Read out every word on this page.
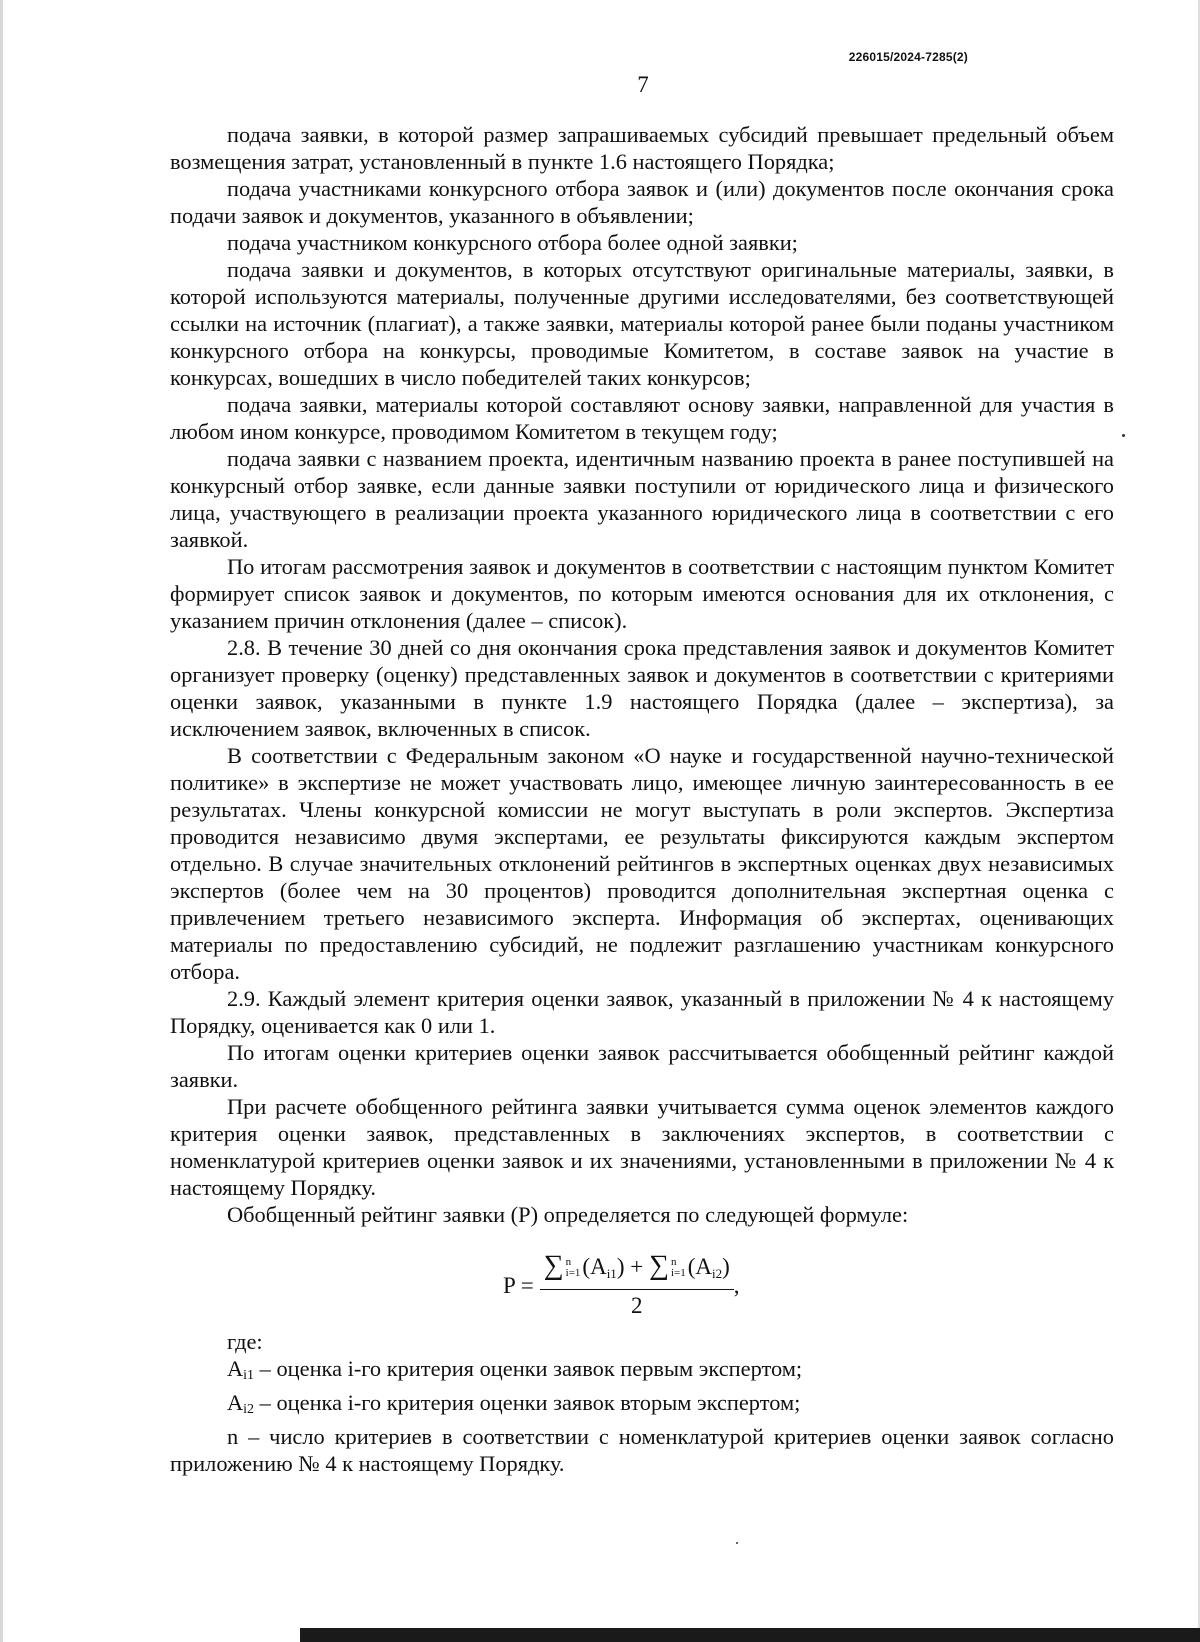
226015/2024-7285(2)
7

подача заявки, в которой размер запрашиваемых субсидий превышает предельный объем возмещения затрат, установленный в пункте 1.6 настоящего Порядка;

подача участниками конкурсного отбора заявок и (или) документов после окончания срока подачи заявок и документов, указанного в объявлении;

подача участником конкурсного отбора более одной заявки;

подача заявки и документов, в которых отсутствуют оригинальные материалы, заявки, в которой используются материалы, полученные другими исследователями, без соответствующей ссылки на источник (плагиат), а также заявки, материалы которой ранее были поданы участником конкурсного отбора на конкурсы, проводимые Комитетом, в составе заявок на участие в конкурсах, вошедших в число победителей таких конкурсов;

подача заявки, материалы которой составляют основу заявки, направленной для участия в любом ином конкурсе, проводимом Комитетом в текущем году;

подача заявки с названием проекта, идентичным названию проекта в ранее поступившей на конкурсный отбор заявке, если данные заявки поступили от юридического лица и физического лица, участвующего в реализации проекта указанного юридического лица в соответствии с его заявкой.

По итогам рассмотрения заявок и документов в соответствии с настоящим пунктом Комитет формирует список заявок и документов, по которым имеются основания для их отклонения, с указанием причин отклонения (далее – список).

2.8. В течение 30 дней со дня окончания срока представления заявок и документов Комитет организует проверку (оценку) представленных заявок и документов в соответствии с критериями оценки заявок, указанными в пункте 1.9 настоящего Порядка (далее – экспертиза), за исключением заявок, включенных в список.

В соответствии с Федеральным законом «О науке и государственной научно-технической политике» в экспертизе не может участвовать лицо, имеющее личную заинтересованность в ее результатах. Члены конкурсной комиссии не могут выступать в роли экспертов. Экспертиза проводится независимо двумя экспертами, ее результаты фиксируются каждым экспертом отдельно. В случае значительных отклонений рейтингов в экспертных оценках двух независимых экспертов (более чем на 30 процентов) проводится дополнительная экспертная оценка с привлечением третьего независимого эксперта. Информация об экспертах, оценивающих материалы по предоставлению субсидий, не подлежит разглашению участникам конкурсного отбора.

2.9. Каждый элемент критерия оценки заявок, указанный в приложении № 4 к настоящему Порядку, оценивается как 0 или 1.

По итогам оценки критериев оценки заявок рассчитывается обобщенный рейтинг каждой заявки.

При расчете обобщенного рейтинга заявки учитывается сумма оценок элементов каждого критерия оценки заявок, представленных в заключениях экспертов, в соответствии с номенклатурой критериев оценки заявок и их значениями, установленными в приложении № 4 к настоящему Порядку.

Обобщенный рейтинг заявки (P) определяется по следующей формуле:

P = ∑ n
i=1 $(A_{i1})$ + ∑ n
i=1 $(A_{i2})$
2 ,

где:

Ai1 – оценка i-го критерия оценки заявок первым экспертом;

Ai2 – оценка i-го критерия оценки заявок вторым экспертом;

n – число критериев в соответствии с номенклатурой критериев оценки заявок согласно приложению № 4 к настоящему Порядку.
